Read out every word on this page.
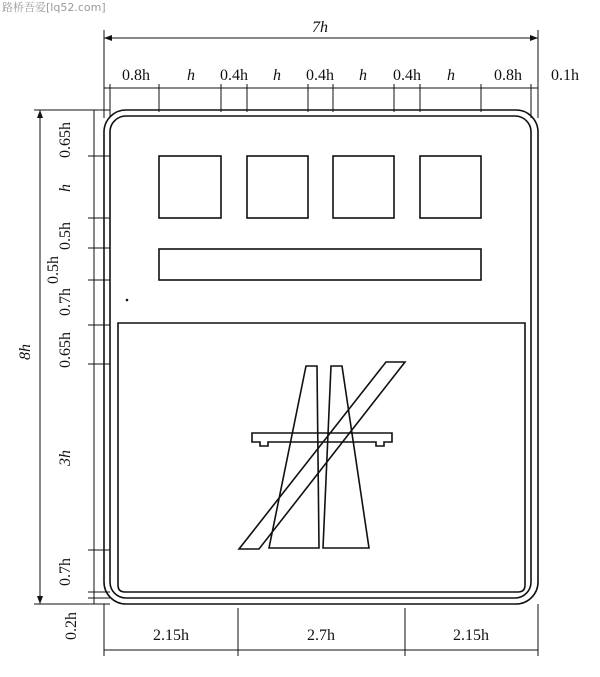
路桥吾爱[lq52.com]
7h
0.8h h 0.4h h 0.4h h 0.4h h 0.8h 0.1h
8h
0.65h
h
0.5h
0.5h
0.7h
0.65h
3h
0.7h
0.2h	2.15h	2.7h	2.15h
